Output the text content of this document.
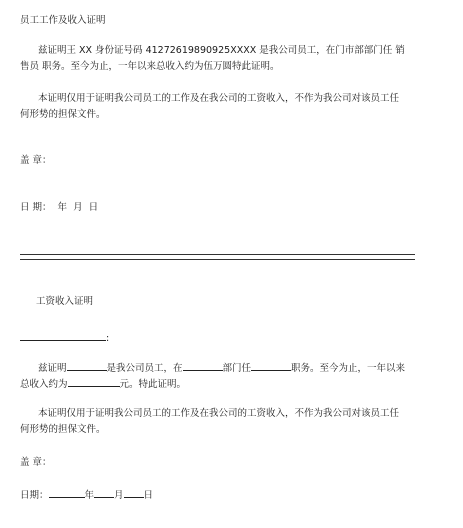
员工工作及收入证明
兹证明王 XX 身份证号码 41272619890925XXXX 是我公司员工，在门市部部门任 销
售员 职务。至今为止，一年以来总收入约为伍万圆特此证明。
本证明仅用于证明我公司员工的工作及在我公司的工资收入，不作为我公司对该员工任
何形势的担保文件。
盖 章：
日 期：  年  月  日
工资收入证明
:
兹证明	是我公司员工，在	部门任	职务。至今为止，一年以来
总收入约为	元。特此证明。
本证明仅用于证明我公司员工的工作及在我公司的工资收入，不作为我公司对该员工任
何形势的担保文件。
盖 章：
日期：	年 月 日
